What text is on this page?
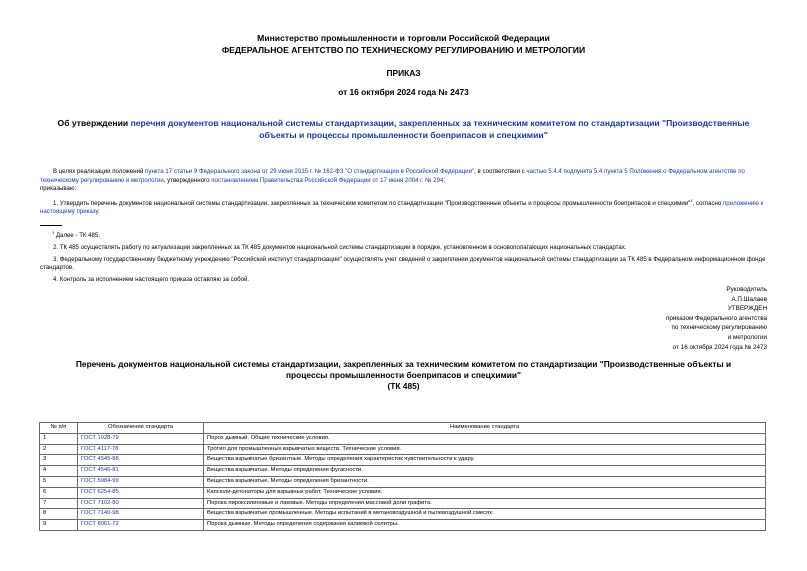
Министерство промышленности и торговли Российской Федерации
ФЕДЕРАЛЬНОЕ АГЕНТСТВО ПО ТЕХНИЧЕСКОМУ РЕГУЛИРОВАНИЮ И МЕТРОЛОГИИ
ПРИКАЗ
от 16 октября 2024 года № 2473
Об утверждении перечня документов национальной системы стандартизации, закрепленных за техническим комитетом по стандартизации "Производственные объекты и процессы промышленности боеприпасов и спецхимии"

В целях реализации положений пункта 17 статьи 9 Федерального закона от 29 июня 2015 г. № 162-ФЗ "О стандартизации в Российской Федерации", в соответствии с частью 5.4.4 подпункта 5.4 пункта 5 Положения о Федеральном агентстве по техническому регулированию и метрологии, утвержденного постановлением Правительства Российской Федерации от 17 июня 2004 г. № 294;

приказываю:

1. Утвердить перечень документов национальной системы стандартизации, закрепленных за техническим комитетом по стандартизации "Производственные объекты и процессы промышленности боеприпасов и спецхимии"$^1$, согласно приложению к настоящему приказу.

$^1$ Далее - ТК 485.

2. ТК 485 осуществлять работу по актуализации закрепленных за ТК 485 документов национальной системы стандартизации в порядке, установленном в основополагающих национальных стандартах.

3. Федеральному государственному бюджетному учреждению "Российский институт стандартизации" осуществлять учет сведений о закреплении документов национальной системы стандартизации за ТК 485 в Федеральном информационном фонде стандартов.

4. Контроль за исполнением настоящего приказа оставляю за собой.

Руководитель
А.П.Шалаев
УТВЕРЖДЕН
приказом Федерального агентства
по техническому регулированию
и метрологии
от 16 октября 2024 года № 2473
Перечень документов национальной системы стандартизации, закрепленных за техническим комитетом по стандартизации "Производственные объекты и
процессы промышленности боеприпасов и спецхимии"
(ТК 485)
№ п/п	Обозначение стандарта	Наименование стандарта
1	ГОСТ 1028-79	Порох дымный. Общие технические условия.
2	ГОСТ 4117-78	Тротил для промышленных взрывчатых веществ. Технические условия.
3	ГОСТ 4545-88	Вещества взрывчатые бризантные. Методы определения характеристик чувствительности к удару.
4	ГОСТ 4546-81	Вещества взрывчатые. Методы определения фугасности.
5	ГОСТ 5984-99	Вещества взрывчатые. Методы определения бризантности.
6	ГОСТ 6254-85	Капсюли-детонаторы для взрывных работ. Технические условия.
7	ГОСТ 7102-80	Порока пироксилиновые и лаковые. Методы определения массовой доли графита.
8	ГОСТ 7140-98	Вещества взрывчатые промышленные. Методы испытаний в метановоздушной и пылевоздушной смесях.
9	ГОСТ 8061-72	Порока дымные. Методы определения содержания калиевой селитры.
